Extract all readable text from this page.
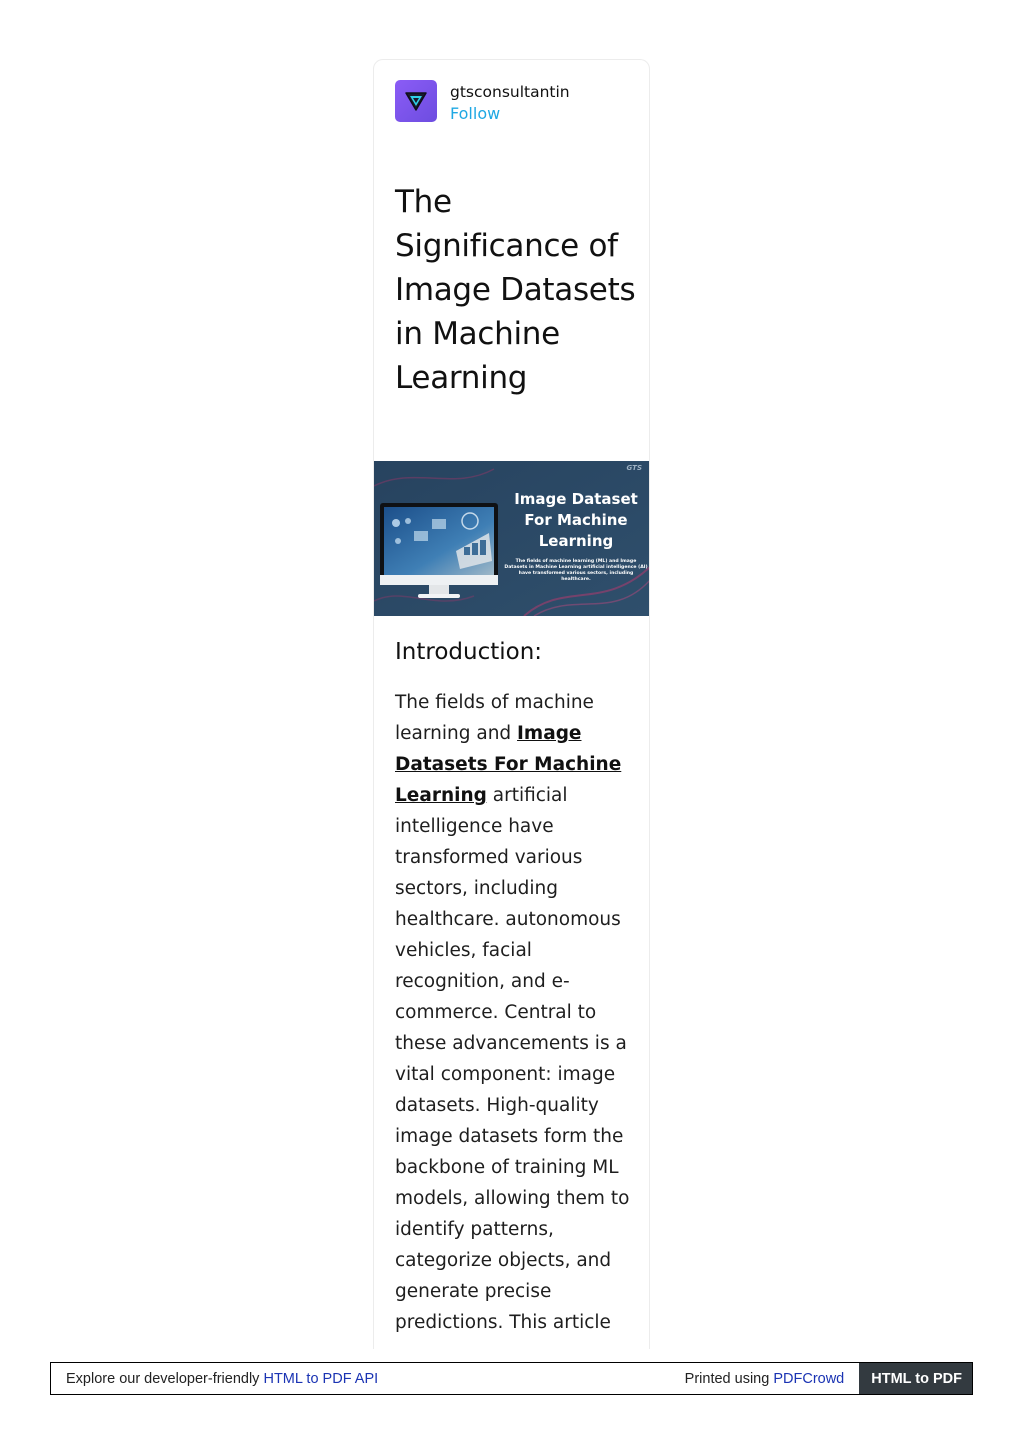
gtsconsultantin
Follow
The Significance of Image Datasets in Machine Learning
GTS
Image Dataset
For Machine
Learning
The fields of machine learning (ML) and Image
Datasets in Machine Learning artificial intelligence (AI)
have transformed various sectors, including
healthcare.
Introduction:

The fields of machine learning and Image Datasets For Machine Learning artificial intelligence have transformed various sectors, including healthcare. autonomous vehicles, facial recognition, and e-commerce. Central to these advancements is a vital component: image datasets. High-quality image datasets form the backbone of training ML models, allowing them to identify patterns, categorize objects, and generate precise predictions. This article

Explore our developer-friendly HTML to PDF API	Printed using PDFCrowd	HTML to PDF
